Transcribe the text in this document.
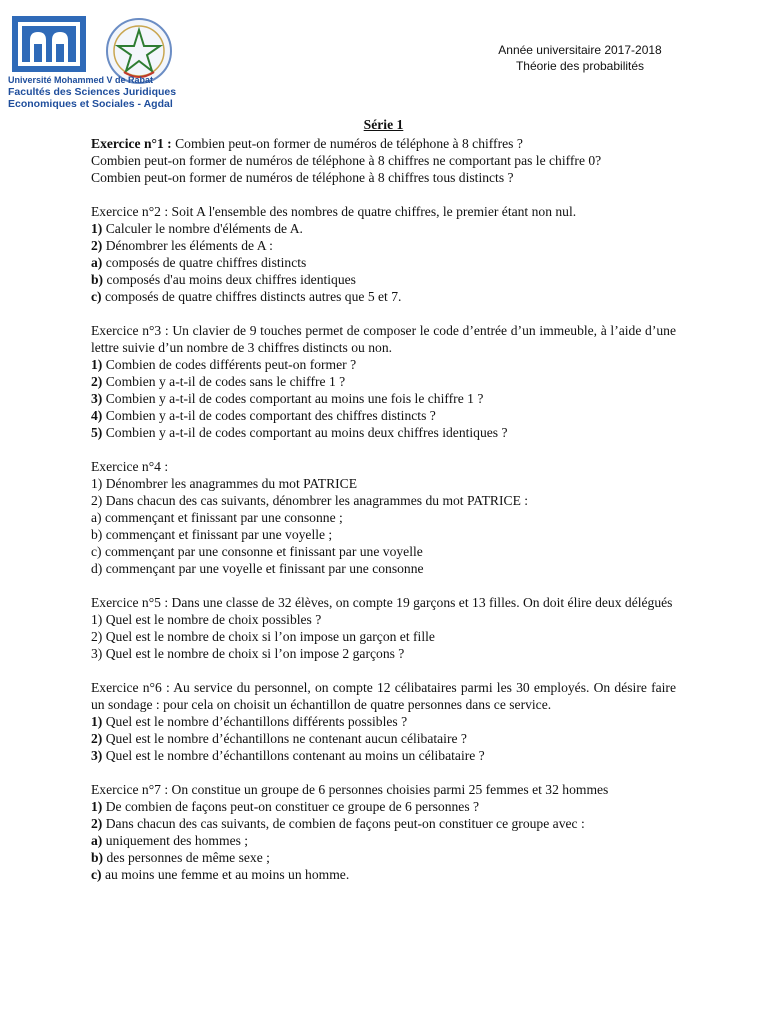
Université Mohammed V de Rabat
Facultés des Sciences Juridiques
Economiques et Sociales - Agdal
Année universitaire 2017-2018
Théorie des probabilités
Série 1

Exercice n°1 : Combien peut-on former de numéros de téléphone à 8 chiffres ?

Combien peut-on former de numéros de téléphone à 8 chiffres ne comportant pas le chiffre 0?

Combien peut-on former de numéros de téléphone à 8 chiffres tous distincts ?

Exercice n°2 : Soit A l'ensemble des nombres de quatre chiffres, le premier étant non nul.

1) Calculer le nombre d'éléments de A.

2) Dénombrer les éléments de A :

a) composés de quatre chiffres distincts

b) composés d'au moins deux chiffres identiques

c) composés de quatre chiffres distincts autres que 5 et 7.

Exercice n°3 : Un clavier de 9 touches permet de composer le code d’entrée d’un immeuble, à l’aide d’une lettre suivie d’un nombre de 3 chiffres distincts ou non.

1) Combien de codes différents peut-on former ?

2) Combien y a-t-il de codes sans le chiffre 1 ?

3) Combien y a-t-il de codes comportant au moins une fois le chiffre 1 ?

4) Combien y a-t-il de codes comportant des chiffres distincts ?

5) Combien y a-t-il de codes comportant au moins deux chiffres identiques ?

Exercice n°4 :

1) Dénombrer les anagrammes du mot PATRICE

2) Dans chacun des cas suivants, dénombrer les anagrammes du mot PATRICE :

a) commençant et finissant par une consonne ;

b) commençant et finissant par une voyelle ;

c) commençant par une consonne et finissant par une voyelle

d) commençant par une voyelle et finissant par une consonne

Exercice n°5 : Dans une classe de 32 élèves, on compte 19 garçons et 13 filles. On doit élire deux délégués

1) Quel est le nombre de choix possibles ?

2) Quel est le nombre de choix si l’on impose un garçon et fille

3) Quel est le nombre de choix si l’on impose 2 garçons ?

Exercice n°6 : Au service du personnel, on compte 12 célibataires parmi les 30 employés. On désire faire un sondage : pour cela on choisit un échantillon de quatre personnes dans ce service.

1) Quel est le nombre d’échantillons différents possibles ?

2) Quel est le nombre d’échantillons ne contenant aucun célibataire ?

3) Quel est le nombre d’échantillons contenant au moins un célibataire ?

Exercice n°7 : On constitue un groupe de 6 personnes choisies parmi 25 femmes et 32 hommes

1) De combien de façons peut-on constituer ce groupe de 6 personnes ?

2) Dans chacun des cas suivants, de combien de façons peut-on constituer ce groupe avec :

a) uniquement des hommes ;

b) des personnes de même sexe ;

c) au moins une femme et au moins un homme.
